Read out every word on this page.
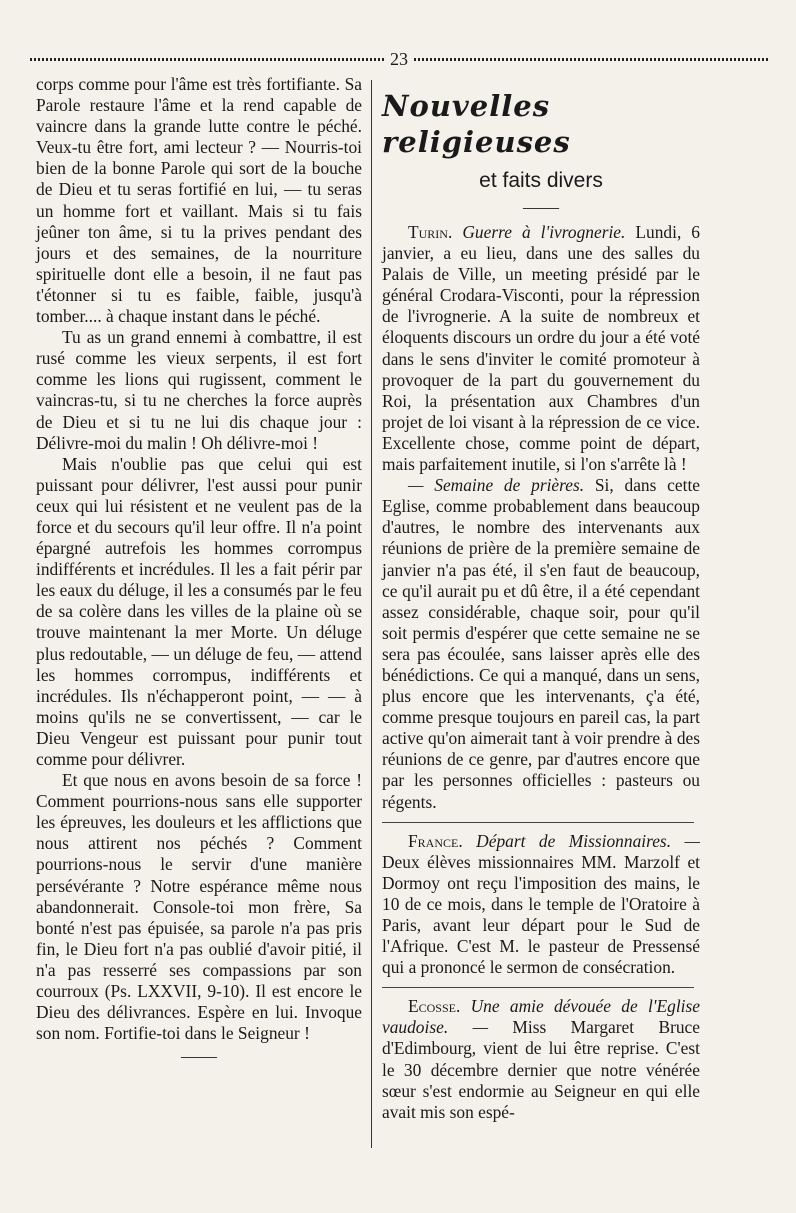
23

corps comme pour l'âme est très fortifiante. Sa Parole restaure l'âme et la rend capable de vaincre dans la grande lutte contre le péché. Veux-tu être fort, ami lecteur ? — Nourris-toi bien de la bonne Parole qui sort de la bouche de Dieu et tu seras fortifié en lui, — tu seras un homme fort et vaillant. Mais si tu fais jeûner ton âme, si tu la prives pendant des jours et des semaines, de la nourriture spirituelle dont elle a besoin, il ne faut pas t'étonner si tu es faible, faible, jusqu'à tomber.... à chaque instant dans le péché.

Tu as un grand ennemi à combattre, il est rusé comme les vieux serpents, il est fort comme les lions qui rugissent, comment le vaincras-tu, si tu ne cherches la force auprès de Dieu et si tu ne lui dis chaque jour : Délivre-moi du malin ! Oh délivre-moi !

Mais n'oublie pas que celui qui est puissant pour délivrer, l'est aussi pour punir ceux qui lui résistent et ne veulent pas de la force et du secours qu'il leur offre. Il n'a point épargné autrefois les hommes corrompus indifférents et incrédules. Il les a fait périr par les eaux du déluge, il les a consumés par le feu de sa colère dans les villes de la plaine où se trouve maintenant la mer Morte. Un déluge plus redoutable, — un déluge de feu, — attend les hommes corrompus, indifférents et incrédules. Ils n'échapperont point, — — à moins qu'ils ne se convertissent, — car le Dieu Vengeur est puissant pour punir tout comme pour délivrer.

Et que nous en avons besoin de sa force ! Comment pourrions-nous sans elle supporter les épreuves, les douleurs et les afflictions que nous attirent nos péchés ? Comment pourrions-nous le servir d'une manière persévérante ? Notre espérance même nous abandonnerait. Console-toi mon frère, Sa bonté n'est pas épuisée, sa parole n'a pas pris fin, le Dieu fort n'a pas oublié d'avoir pitié, il n'a pas resserré ses compassions par son courroux (Ps. LXXVII, 9-10). Il est encore le Dieu des délivrances. Espère en lui. Invoque son nom. Fortifie-toi dans le Seigneur !

——
Nouvelles religieuses
et faits divers
——

Turin. Guerre à l'ivrognerie. Lundi, 6 janvier, a eu lieu, dans une des salles du Palais de Ville, un meeting présidé par le général Crodara-Visconti, pour la répression de l'ivrognerie. A la suite de nombreux et éloquents discours un ordre du jour a été voté dans le sens d'inviter le comité promoteur à provoquer de la part du gouvernement du Roi, la présentation aux Chambres d'un projet de loi visant à la répression de ce vice. Excellente chose, comme point de départ, mais parfaitement inutile, si l'on s'arrête là !

— Semaine de prières. Si, dans cette Eglise, comme probablement dans beaucoup d'autres, le nombre des intervenants aux réunions de prière de la première semaine de janvier n'a pas été, il s'en faut de beaucoup, ce qu'il aurait pu et dû être, il a été cependant assez considérable, chaque soir, pour qu'il soit permis d'espérer que cette semaine ne se sera pas écoulée, sans laisser après elle des bénédictions. Ce qui a manqué, dans un sens, plus encore que les intervenants, ç'a été, comme presque toujours en pareil cas, la part active qu'on aimerait tant à voir prendre à des réunions de ce genre, par d'autres encore que par les personnes officielles : pasteurs ou régents.

France. Départ de Missionnaires. — Deux élèves missionnaires MM. Marzolf et Dormoy ont reçu l'imposition des mains, le 10 de ce mois, dans le temple de l'Oratoire à Paris, avant leur départ pour le Sud de l'Afrique. C'est M. le pasteur de Pressensé qui a prononcé le sermon de consécration.

Ecosse. Une amie dévouée de l'Eglise vaudoise. — Miss Margaret Bruce d'Edimbourg, vient de lui être reprise. C'est le 30 décembre dernier que notre vénérée sœur s'est endormie au Seigneur en qui elle avait mis son espé-
